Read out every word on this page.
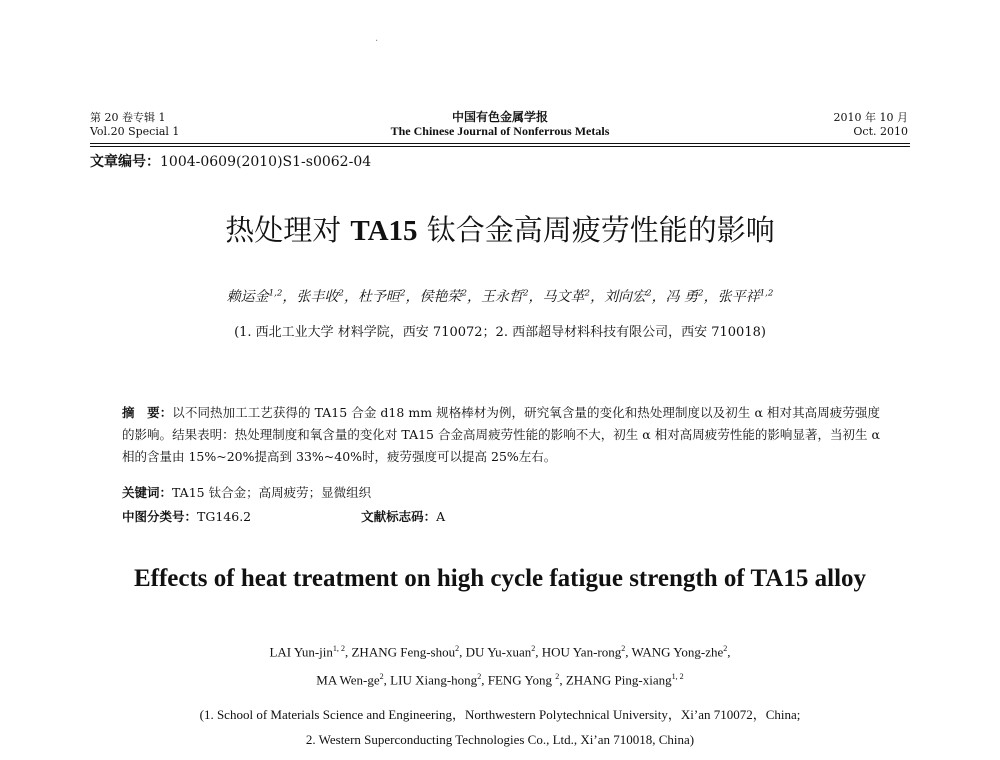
·
第 20 卷专辑 1
Vol.20 Special 1
中国有色金属学报
The Chinese Journal of Nonferrous Metals
2010 年 10 月
Oct. 2010
文章编号：1004-0609(2010)S1-s0062-04
热处理对 TA15 钛合金高周疲劳性能的影响
赖运金$^{1,2}$，张丰收$^2$，杜予晅$^2$，侯艳荣$^2$，王永哲$^2$，马文革$^2$，刘向宏$^2$，冯 勇$^2$，张平祥$^{1,2}$
(1. 西北工业大学 材料学院，西安 710072；2. 西部超导材料科技有限公司，西安 710018)
摘　要：以不同热加工工艺获得的 TA15 合金 d18 mm 规格棒材为例，研究氧含量的变化和热处理制度以及初生 α 相对其高周疲劳强度的影响。结果表明：热处理制度和氧含量的变化对 TA15 合金高周疲劳性能的影响不大，初生 α 相对高周疲劳性能的影响显著，当初生 α 相的含量由 15%~20%提高到 33%~40%时，疲劳强度可以提高 25%左右。
关键词：TA15 钛合金；高周疲劳；显微组织
中图分类号：TG146.2	文献标志码：A
Effects of heat treatment on high cycle fatigue strength of TA15 alloy
LAI Yun-jin$^{1, 2}$, ZHANG Feng-shou$^2$, DU Yu-xuan$^2$, HOU Yan-rong$^2$, WANG Yong-zhe$^2$,
MA Wen-$ge^2$, LIU Xiang-hong$^2$, FENG Yong $^2$, ZHANG Ping-xiang$^{1, 2}$
(1. School of Materials Science and Engineering，Northwestern Polytechnical University，Xi’an 710072，China;
2. Western Superconducting Technologies Co., Ltd., Xi’an 710018, China)
